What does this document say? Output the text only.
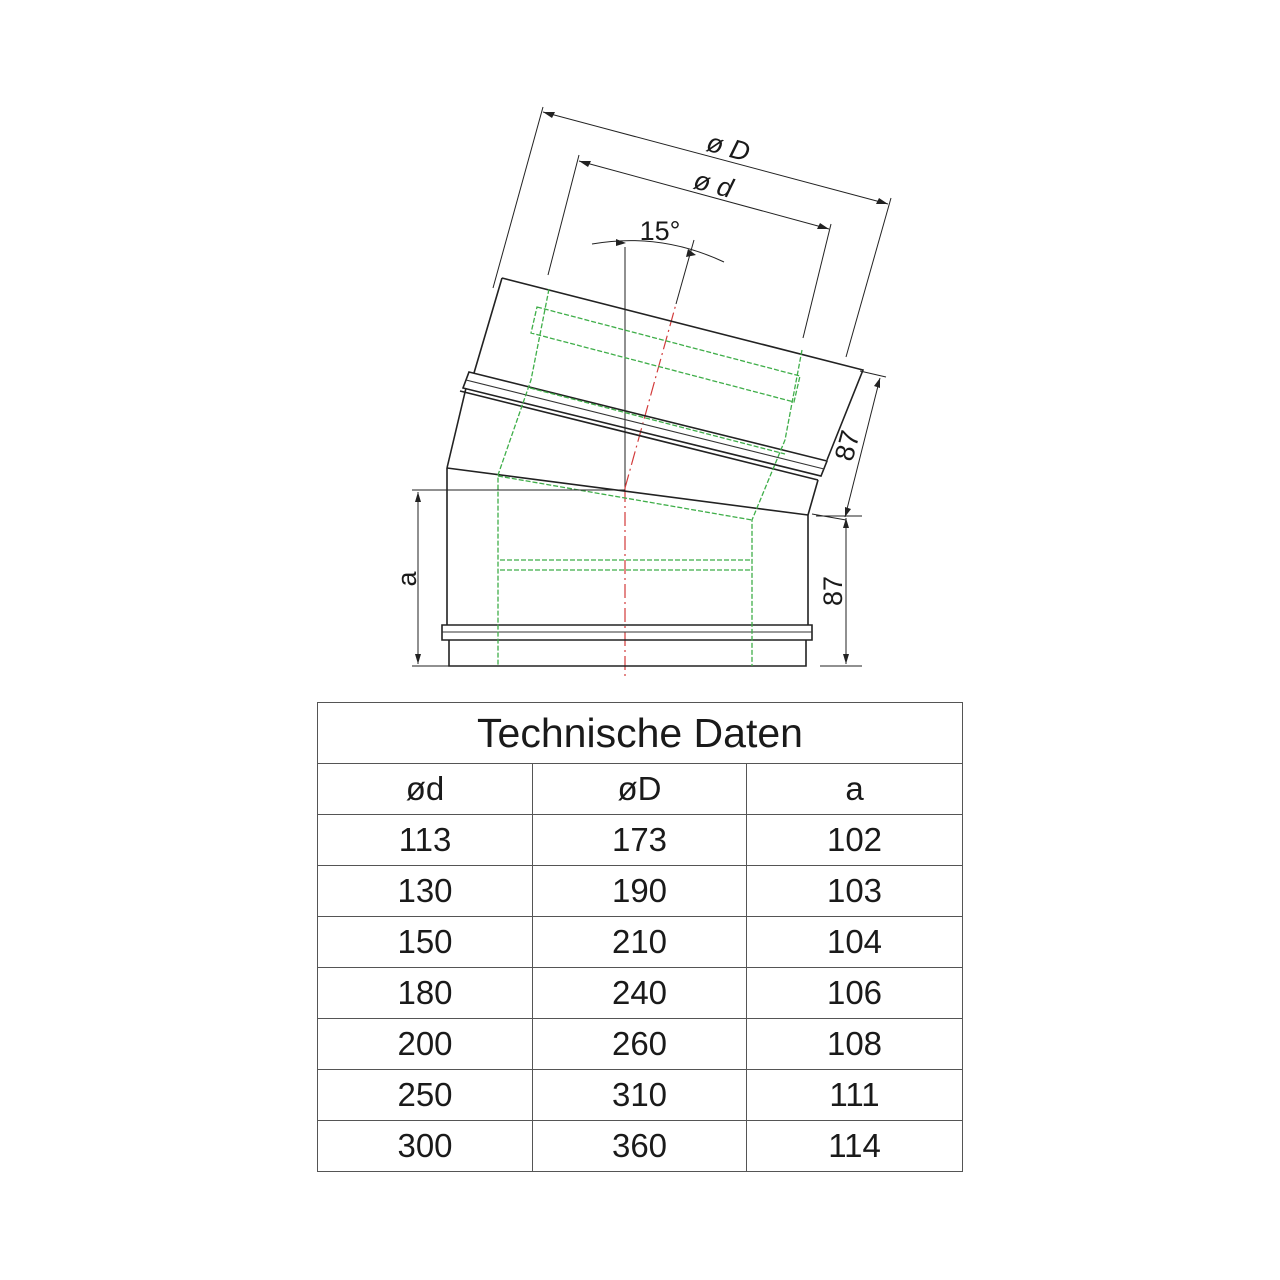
ø D
ø d
15°
a	87
87
Technische Daten		
ød	øD	a
113	173	102
130	190	103
150	210	104
180	240	106
200	260	108
250	310	111
300	360	114
